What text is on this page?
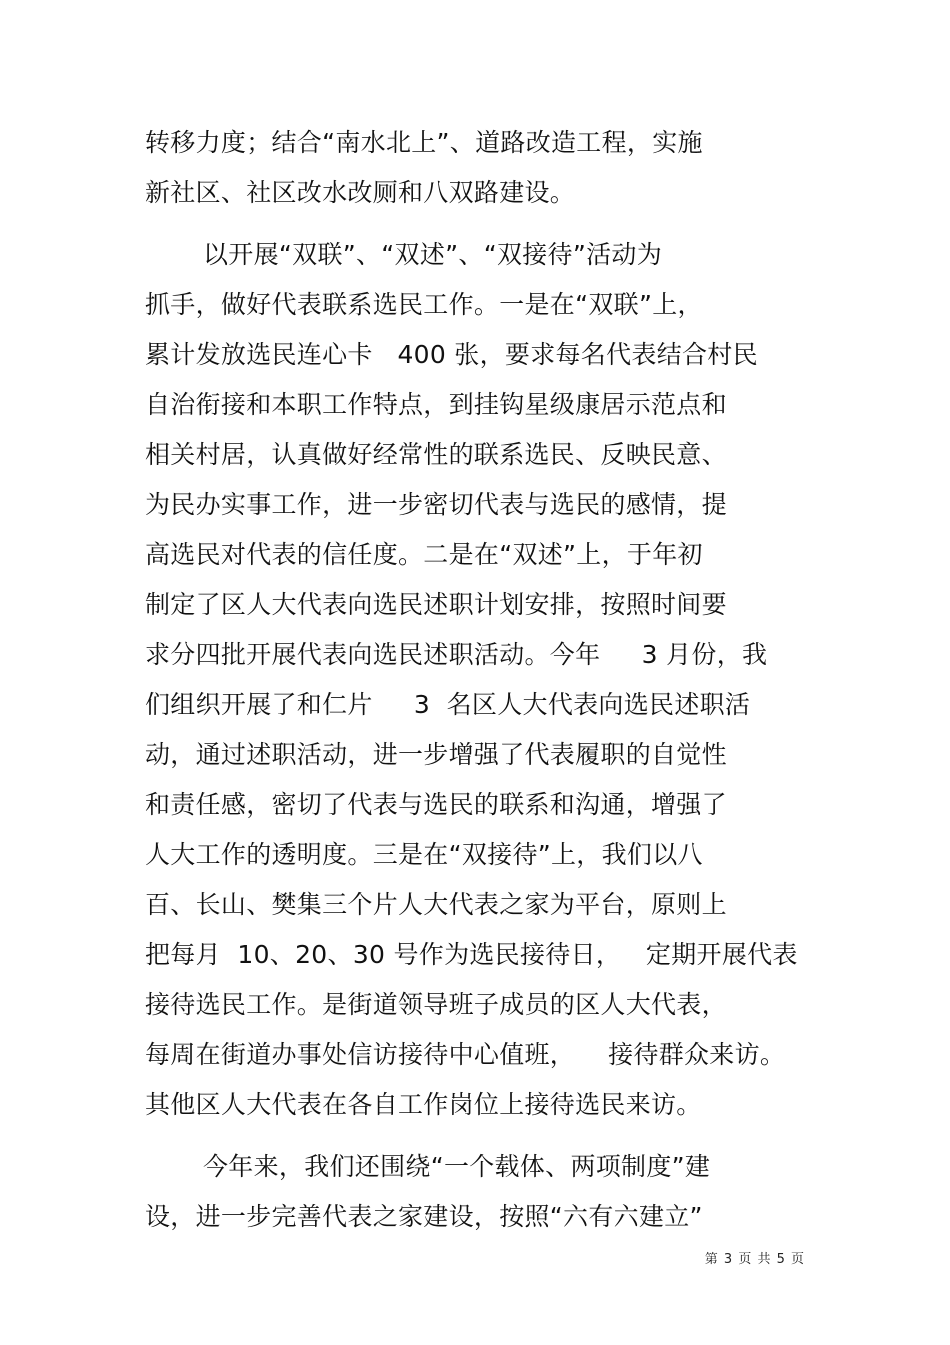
转移力度；结合“南水北上”、道路改造工程，实施
新社区、社区改水改厕和八双路建设。
以开展“双联”、“双述”、“双接待”活动为
抓手，做好代表联系选民工作。一是在“双联”上，
累计发放选民连心卡   400 张，要求每名代表结合村民
自治衔接和本职工作特点，到挂钩星级康居示范点和
相关村居，认真做好经常性的联系选民、反映民意、
为民办实事工作，进一步密切代表与选民的感情，提
高选民对代表的信任度。二是在“双述”上，于年初
制定了区人大代表向选民述职计划安排，按照时间要
求分四批开展代表向选民述职活动。今年     3 月份，我
们组织开展了和仁片     3  名区人大代表向选民述职活
动，通过述职活动，进一步增强了代表履职的自觉性
和责任感，密切了代表与选民的联系和沟通，增强了
人大工作的透明度。三是在“双接待”上，我们以八
百、长山、樊集三个片人大代表之家为平台，原则上
把每月  10、20、30 号作为选民接待日，   定期开展代表
接待选民工作。是街道领导班子成员的区人大代表，
每周在街道办事处信访接待中心值班，    接待群众来访。
其他区人大代表在各自工作岗位上接待选民来访。
今年来，我们还围绕“一个载体、两项制度”建
设，进一步完善代表之家建设，按照“六有六建立”
第 3 页 共 5 页
